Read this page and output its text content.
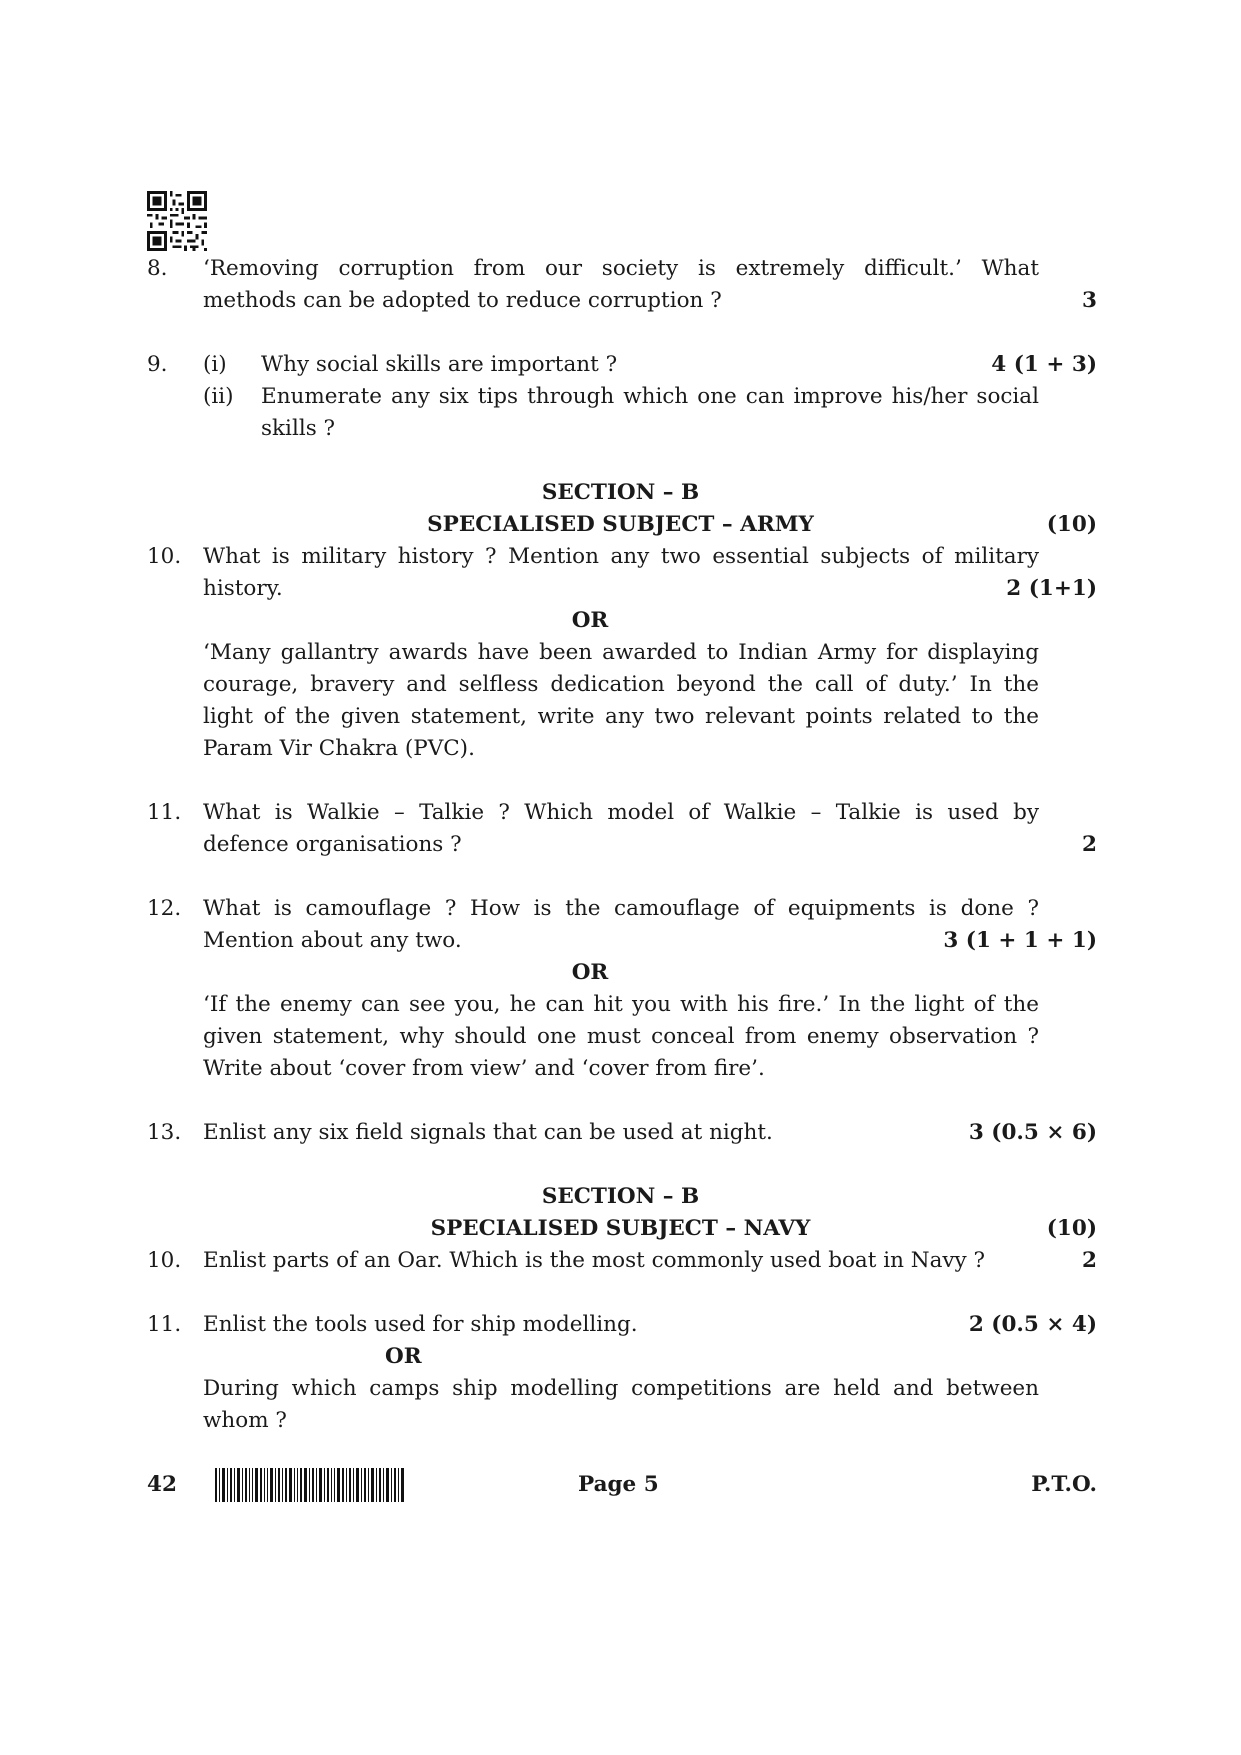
8. ‘Removing corruption from our society is extremely difficult.’ What
methods can be adopted to reduce corruption ?	3
9. (i) Why social skills are important ?	4 (1 + 3)
(ii) Enumerate any six tips through which one can improve his/her social
skills ?
SECTION – B
SPECIALISED SUBJECT – ARMY	(10)
10. What is military history ? Mention any two essential subjects of military
history.	2 (1+1)
OR
‘Many gallantry awards have been awarded to Indian Army for displaying
courage, bravery and selfless dedication beyond the call of duty.’ In the
light of the given statement, write any two relevant points related to the
Param Vir Chakra (PVC).
11. What is Walkie – Talkie ? Which model of Walkie – Talkie is used by
defence organisations ?	2
12. What is camouflage ? How is the camouflage of equipments is done ?
Mention about any two.	3 (1 + 1 + 1)
OR
‘If the enemy can see you, he can hit you with his fire.’ In the light of the
given statement, why should one must conceal from enemy observation ?
Write about ‘cover from view’ and ‘cover from fire’.
13. Enlist any six field signals that can be used at night.	3 (0.5 × 6)
SECTION – B
SPECIALISED SUBJECT – NAVY	(10)
10. Enlist parts of an Oar. Which is the most commonly used boat in Navy ?	2
11. Enlist the tools used for ship modelling.	2 (0.5 × 4)
OR
During which camps ship modelling competitions are held and between
whom ?
42	Page 5	P.T.O.
